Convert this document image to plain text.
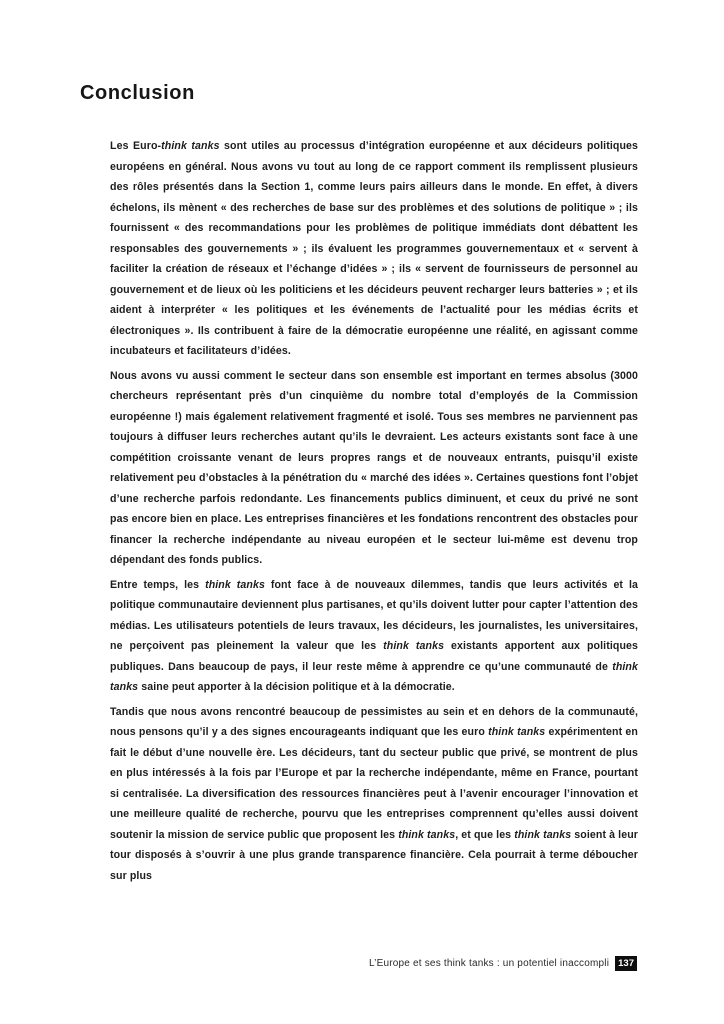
Conclusion

Les Euro-think tanks sont utiles au processus d’intégration européenne et aux décideurs politiques européens en général. Nous avons vu tout au long de ce rapport comment ils remplissent plusieurs des rôles présentés dans la Section 1, comme leurs pairs ailleurs dans le monde. En effet, à divers échelons, ils mènent « des recherches de base sur des problèmes et des solutions de politique » ; ils fournissent « des recommandations pour les problèmes de politique immédiats dont débattent les responsables des gouvernements » ; ils évaluent les programmes gouvernementaux et « servent à faciliter la création de réseaux et l’échange d’idées » ; ils « servent de fournisseurs de personnel au gouvernement et de lieux où les politiciens et les décideurs peuvent recharger leurs batteries » ; et ils aident à interpréter « les politiques et les événements de l’actualité pour les médias écrits et électroniques ». Ils contribuent à faire de la démocratie européenne une réalité, en agissant comme incubateurs et facilitateurs d’idées.

Nous avons vu aussi comment le secteur dans son ensemble est important en termes absolus (3000 chercheurs représentant près d’un cinquième du nombre total d’employés de la Commission européenne !) mais également relativement fragmenté et isolé. Tous ses membres ne parviennent pas toujours à diffuser leurs recherches autant qu’ils le devraient. Les acteurs existants sont face à une compétition croissante venant de leurs propres rangs et de nouveaux entrants, puisqu’il existe relativement peu d’obstacles à la pénétration du « marché des idées ». Certaines questions font l’objet d’une recherche parfois redondante. Les financements publics diminuent, et ceux du privé ne sont pas encore bien en place. Les entreprises financières et les fondations rencontrent des obstacles pour financer la recherche indépendante au niveau européen et le secteur lui-même est devenu trop dépendant des fonds publics.

Entre temps, les think tanks font face à de nouveaux dilemmes, tandis que leurs activités et la politique communautaire deviennent plus partisanes, et qu’ils doivent lutter pour capter l’attention des médias. Les utilisateurs potentiels de leurs travaux, les décideurs, les journalistes, les universitaires, ne perçoivent pas pleinement la valeur que les think tanks existants apportent aux politiques publiques. Dans beaucoup de pays, il leur reste même à apprendre ce qu’une communauté de think tanks saine peut apporter à la décision politique et à la démocratie.

Tandis que nous avons rencontré beaucoup de pessimistes au sein et en dehors de la communauté, nous pensons qu’il y a des signes encourageants indiquant que les euro think tanks expérimentent en fait le début d’une nouvelle ère. Les décideurs, tant du secteur public que privé, se montrent de plus en plus intéressés à la fois par l’Europe et par la recherche indépendante, même en France, pourtant si centralisée. La diversification des ressources financières peut à l’avenir encourager l’innovation et une meilleure qualité de recherche, pourvu que les entreprises comprennent qu’elles aussi doivent soutenir la mission de service public que proposent les think tanks, et que les think tanks soient à leur tour disposés à s’ouvrir à une plus grande transparence financière. Cela pourrait à terme déboucher sur plus

L’Europe et ses think tanks : un potentiel inaccompli 137
